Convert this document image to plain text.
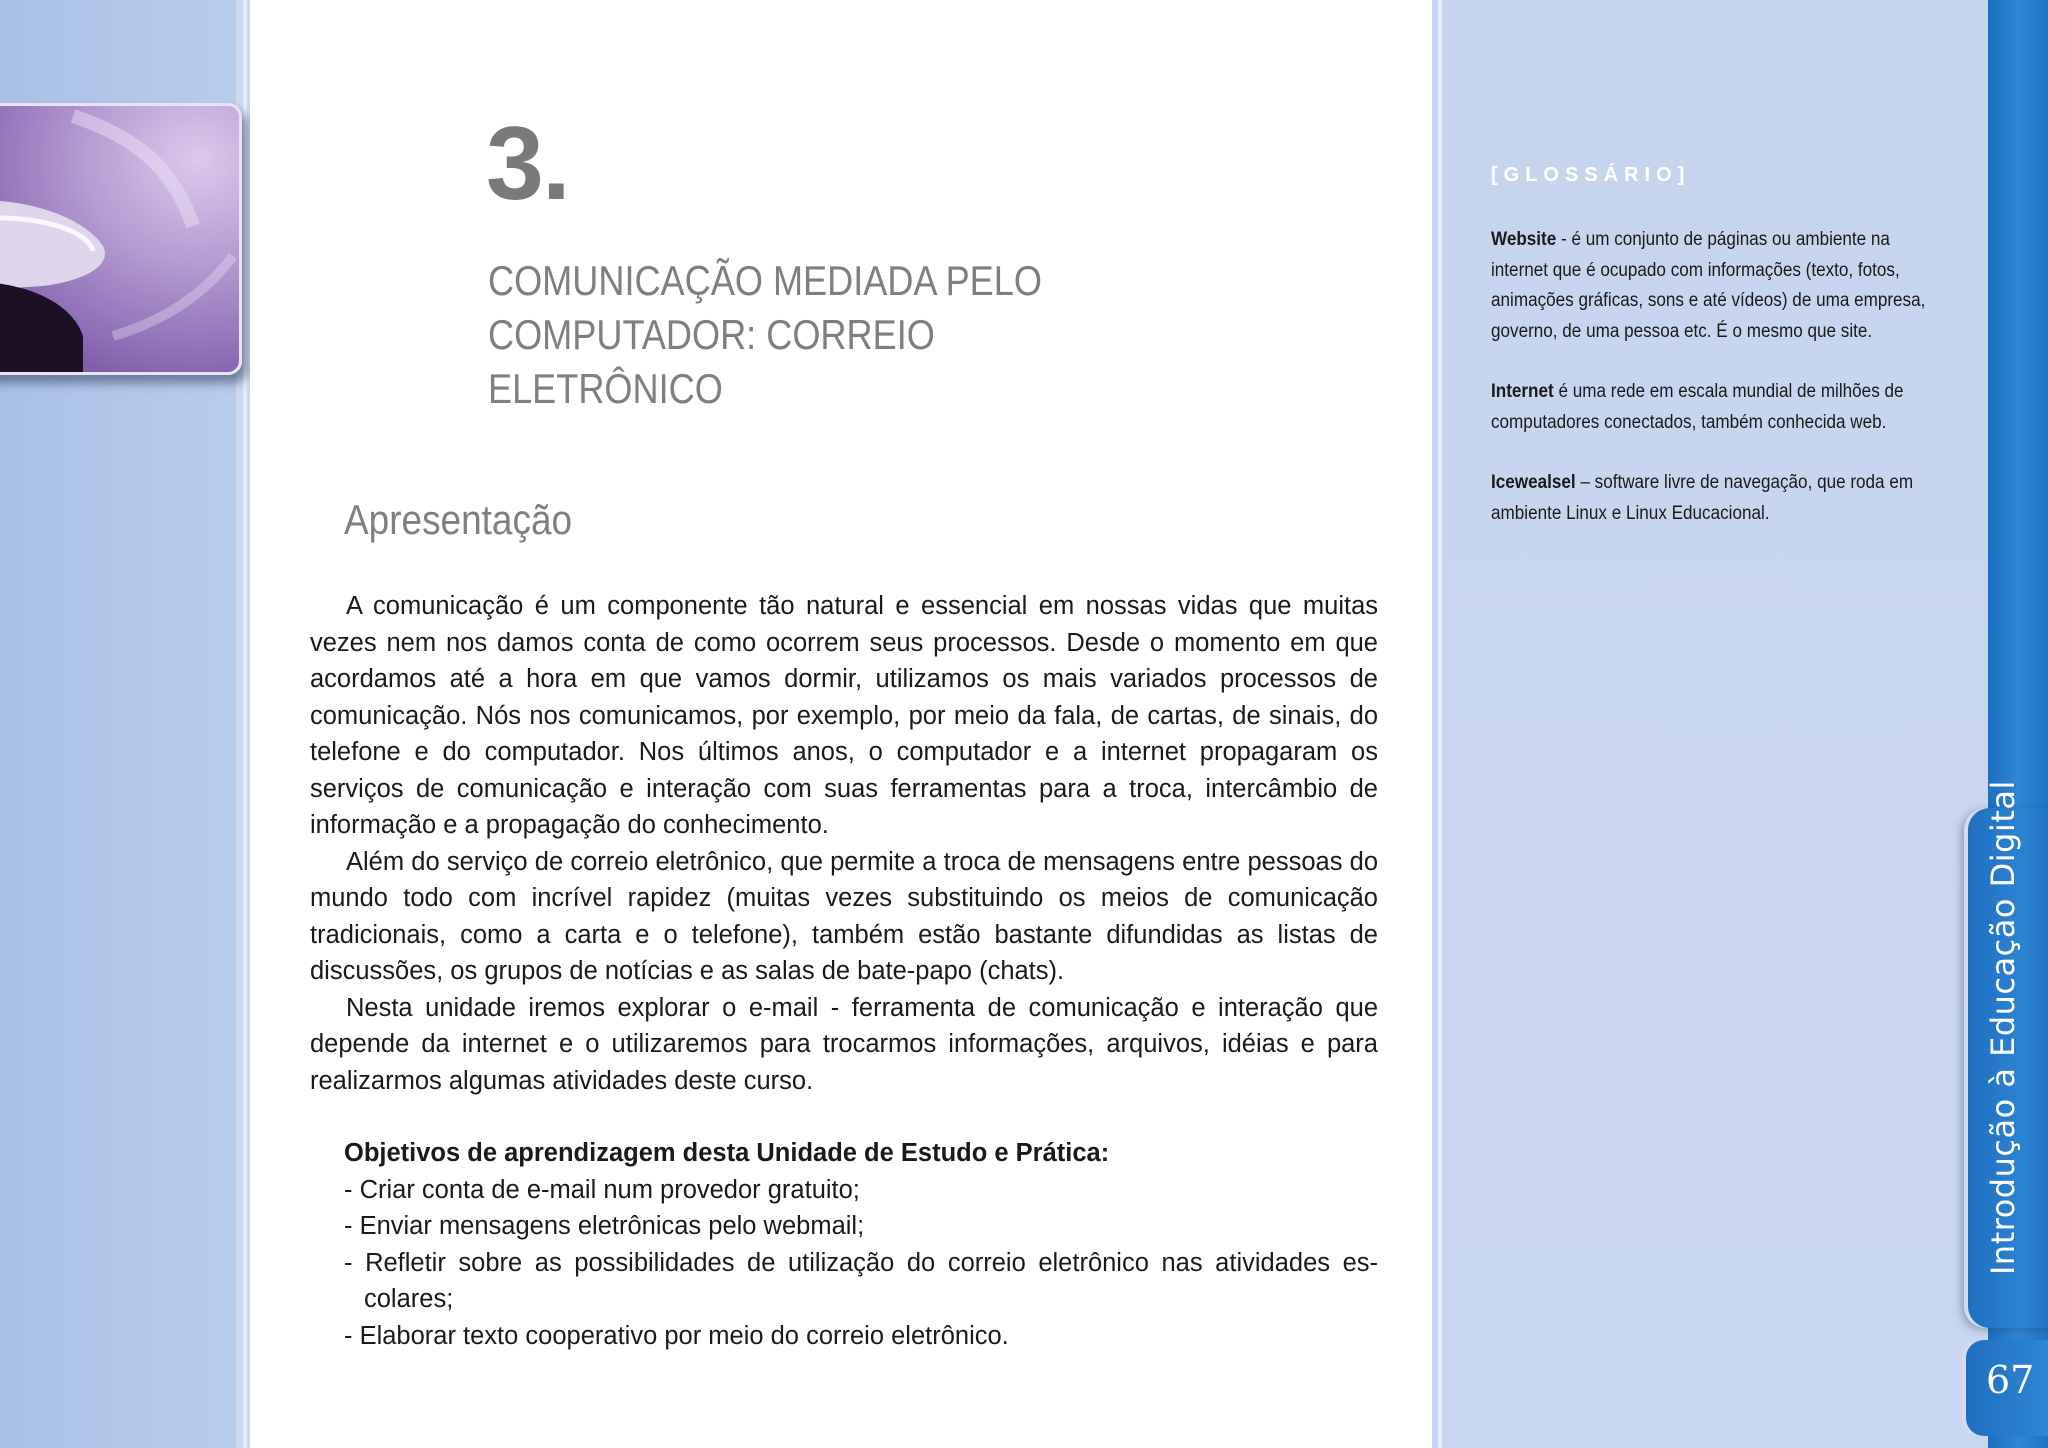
3.
COMUNICAÇÃO MEDIADA PELO
COMPUTADOR: CORREIO ELETRÔNICO
Apresentação

A comunicação é um componente tão natural e essencial em nossas vidas que muitas vezes nem nos damos conta de como ocorrem seus processos. Desde o momento em que acordamos até a hora em que vamos dormir, utilizamos os mais variados processos de comunicação. Nós nos comunicamos, por exemplo, por meio da fala, de cartas, de sinais, do telefone e do computador. Nos últimos anos, o computador e a internet propagaram os serviços de comunicação e interação com suas ferramentas para a troca, intercâmbio de informação e a propagação do conhecimento.

Além do serviço de correio eletrônico, que permite a troca de mensagens entre pessoas do mundo todo com incrível rapidez (muitas vezes substituindo os meios de comunicação tradicionais, como a carta e o telefone), também estão bastante difundidas as listas de discussões, os grupos de notícias e as salas de bate-papo (chats).

Nesta unidade iremos explorar o e-mail - ferramenta de comunicação e interação que depende da internet e o utilizaremos para trocarmos informações, arquivos, idéias e para realizarmos algumas atividades deste curso.

Objetivos de aprendizagem desta Unidade de Estudo e Prática:
- Criar conta de e-mail num provedor gratuito;
- Enviar mensagens eletrônicas pelo webmail;
- Refletir sobre as possibilidades de utilização do correio eletrônico nas atividades es-colares;
- Elaborar texto cooperativo por meio do correio eletrônico.
[GLOSSÁRIO]

Website - é um conjunto de páginas ou ambiente na internet que é ocupado com informações (texto, fotos, animações gráficas, sons e até vídeos) de uma empresa, governo, de uma pessoa etc. É o mesmo que site.

Internet é uma rede em escala mundial de milhões de computadores conectados, também conhecida web.

Icewealsel – software livre de navegação, que roda em ambiente Linux e Linux Educacional.

Introdução à Educação Digital

67
